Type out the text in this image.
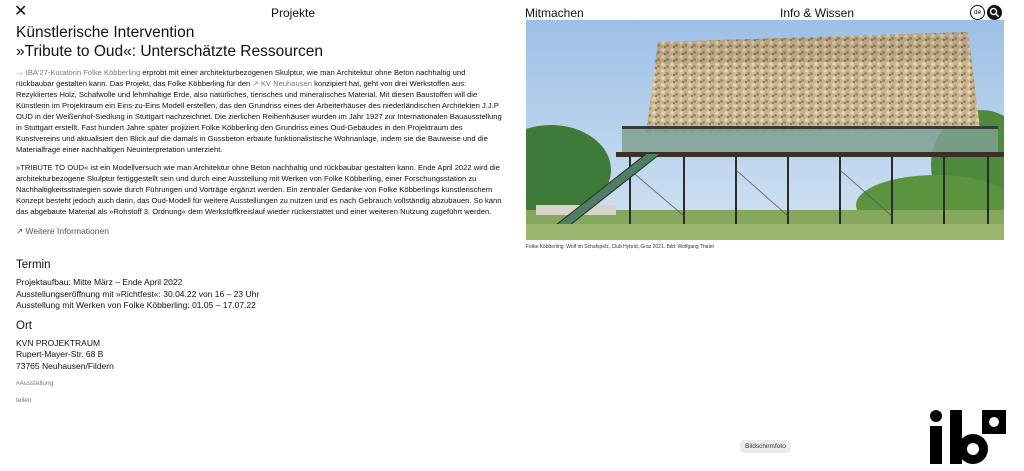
✕	Projekte	Mitmachen	Info & Wissen	de
Künstlerische Intervention
»Tribute to Oud«: Unterschätzte Ressourcen

→ IBA'27-Kuratorin Folke Köbberling erprobt mit einer architekturbezogenen Skulptur, wie man Architektur ohne Beton nachhaltig und rückbaubar gestalten kann. Das Projekt, das Folke Köbberling für den ↗ KV Neuhausen konzipiert hat, geht von drei Werkstoffen aus: Rezykliertes Holz, Schafwolle und lehmhaltige Erde, also natürliches, tierisches und mineralisches Material. Mit diesen Baustoffen will die Künstlerin im Projektraum ein Eins-zu-Eins Modell erstellen, das den Grundriss eines der Arbeiterhäuser des niederländischen Architekten J.J.P OUD in der Weißenhof-Siedlung in Stuttgart nachzeichnet. Die zierlichen Reihenhäuser wurden im Jahr 1927 zur Internationalen Bauausstellung in Stuttgart erstellt. Fast hundert Jahre später projiziert Folke Köbberling den Grundriss eines Oud-Gebäudes in den Projektraum des Kunstvereins und aktualisiert den Blick auf die damals in Gussbeton erbaute funktionalistische Wohnanlage, indem sie die Bauweise und die Materialfrage einer nachhaltigen Neuinterpretation unterzieht.

»TRIBUTE TO OUD« ist ein Modellversuch wie man Architektur ohne Beton nachhaltig und rückbaubar gestalten kann. Ende April 2022 wird die architekturbezogene Skulptur fertiggestellt sein und durch eine Ausstellung mit Werken von Folke Köbberling, einer Forschungsstation zu Nachhaltigkeitsstrategien sowie durch Führungen und Vorträge ergänzt werden. Ein zentraler Gedanke von Folke Köbberlings künstlerischem Konzept besteht jedoch auch darin, das Oud-Modell für weitere Ausstellungen zu nutzen und es nach Gebrauch vollständig abzubauen. So kann das abgebaute Material als »Rohstoff 3. Ordnung« dem Werkstoffkreislauf wieder rückerstattet und einer weiteren Nutzung zugeführt werden.

↗ Weitere Informationen
Termin
Projektaufbau: Mitte März – Ende April 2022
Ausstellungseröffnung mit »Richtfest«: 30.04.22 von 16 – 23 Uhr
Ausstellung mit Werken von Folke Köbberling: 01.05 – 17.07.22
Ort
KVN PROJEKTRAUM
Rupert-Mayer-Str. 68 B
73765 Neuhausen/Fildern
#Ausstellung
teilen
Folke Köbberling: Wolf im Schafspelz, Club Hybrid, Graz 2021. Bild: Wolfgang Thaler
Bildschirmfoto
